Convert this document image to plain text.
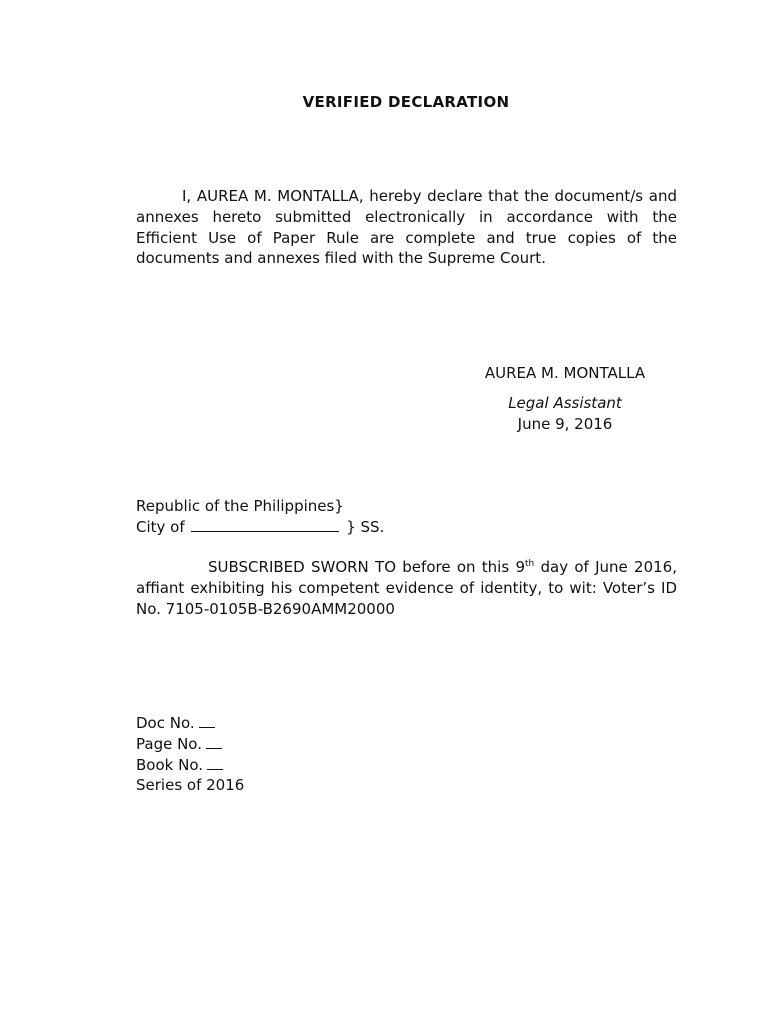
VERIFIED DECLARATION

I, AUREA M. MONTALLA, hereby declare that the document/s and annexes hereto submitted electronically in accordance with the Efficient Use of Paper Rule are complete and true copies of the documents and annexes filed with the Supreme Court.

AUREA M. MONTALLA
Legal Assistant
June 9, 2016
Republic of the Philippines}
City of	} SS.

SUBSCRIBED SWORN TO before on this 9th day of June 2016, affiant exhibiting his competent evidence of identity, to wit: Voter’s ID No. 7105-0105B-B2690AMM20000

Doc No.
Page No.
Book No.
Series of 2016
